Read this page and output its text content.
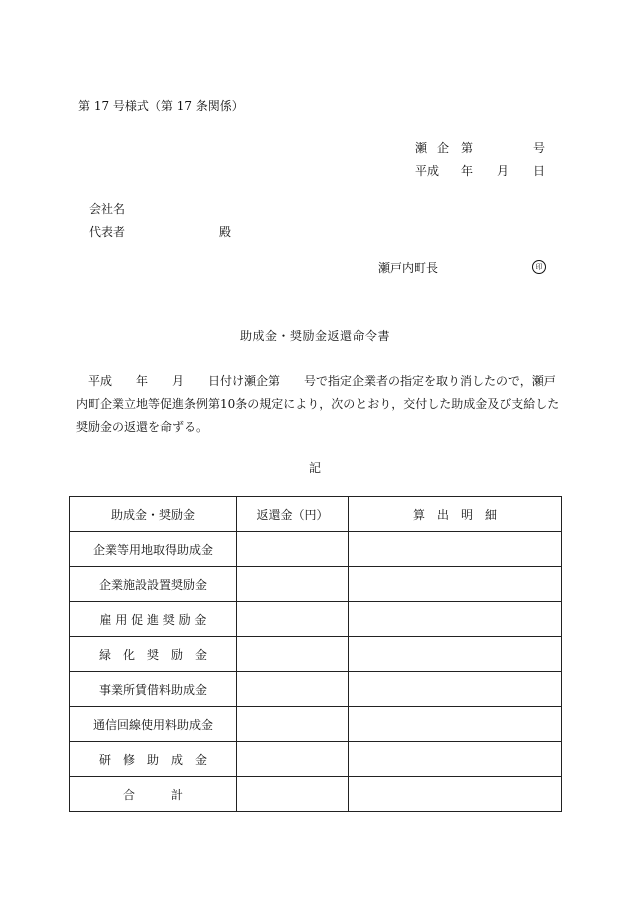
第 17 号様式（第 17 条関係）
瀬 企 第	号
平成 年 月 日
会社名
代表者	殿
瀬戸内町長	印
助成金・奨励金返還命令書
　平成　　年　　月　　日付け瀬企第　　号で指定企業者の指定を取り消したので，瀬戸
内町企業立地等促進条例第10条の規定により，次のとおり，交付した助成金及び支給した
奨励金の返還を命ずる。
記
助成金・奨励金	返還金（円）	算　出　明　細
企業等用地取得助成金		
企業施設設置奨励金		
雇 用 促 進 奨 励 金		
緑　化　奨　励　金		
事業所賃借料助成金		
通信回線使用料助成金		
研　修　助　成　金		
合　　　計		
